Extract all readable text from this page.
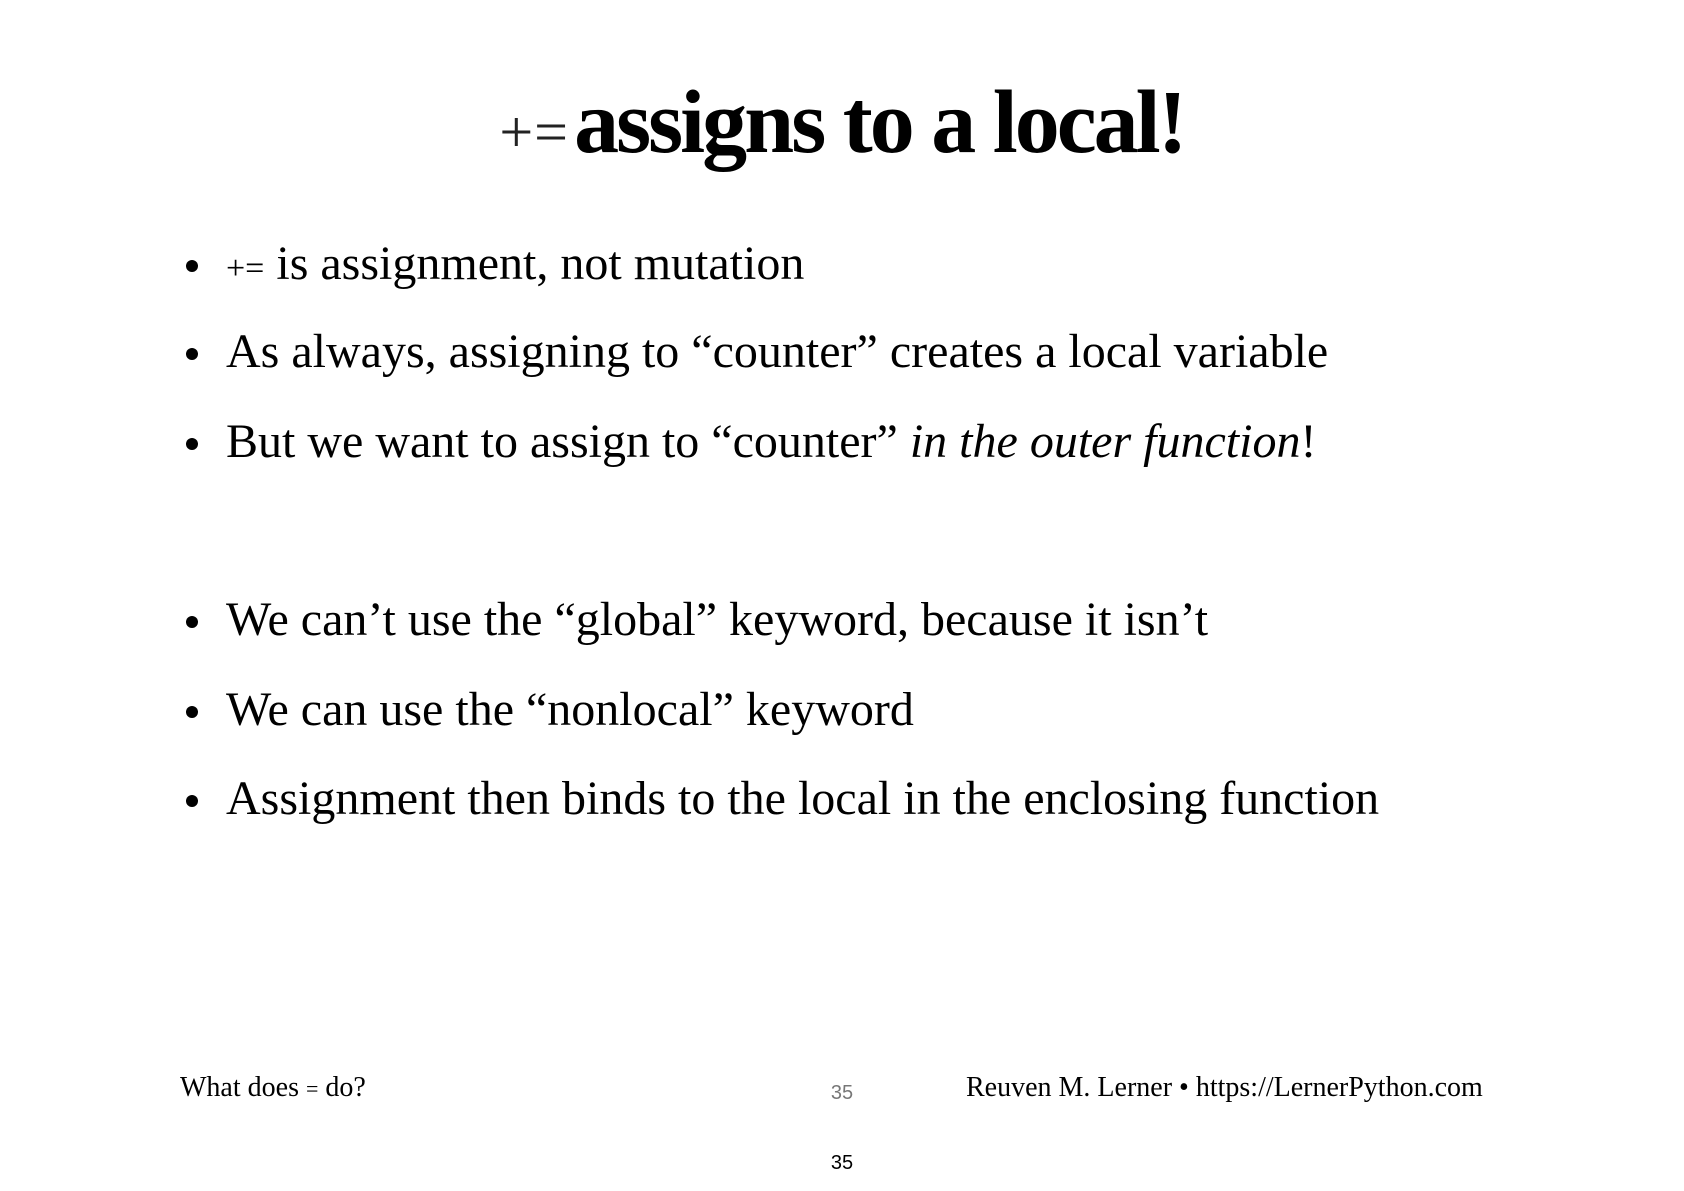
+= assigns to a local!
+= is assignment, not mutation
As always, assigning to “counter” creates a local variable
But we want to assign to “counter” in the outer function!
We can’t use the “global” keyword, because it isn’t
We can use the “nonlocal” keyword
Assignment then binds to the local in the enclosing function
What does = do?	35	Reuven M. Lerner • https://LernerPython.com
35
